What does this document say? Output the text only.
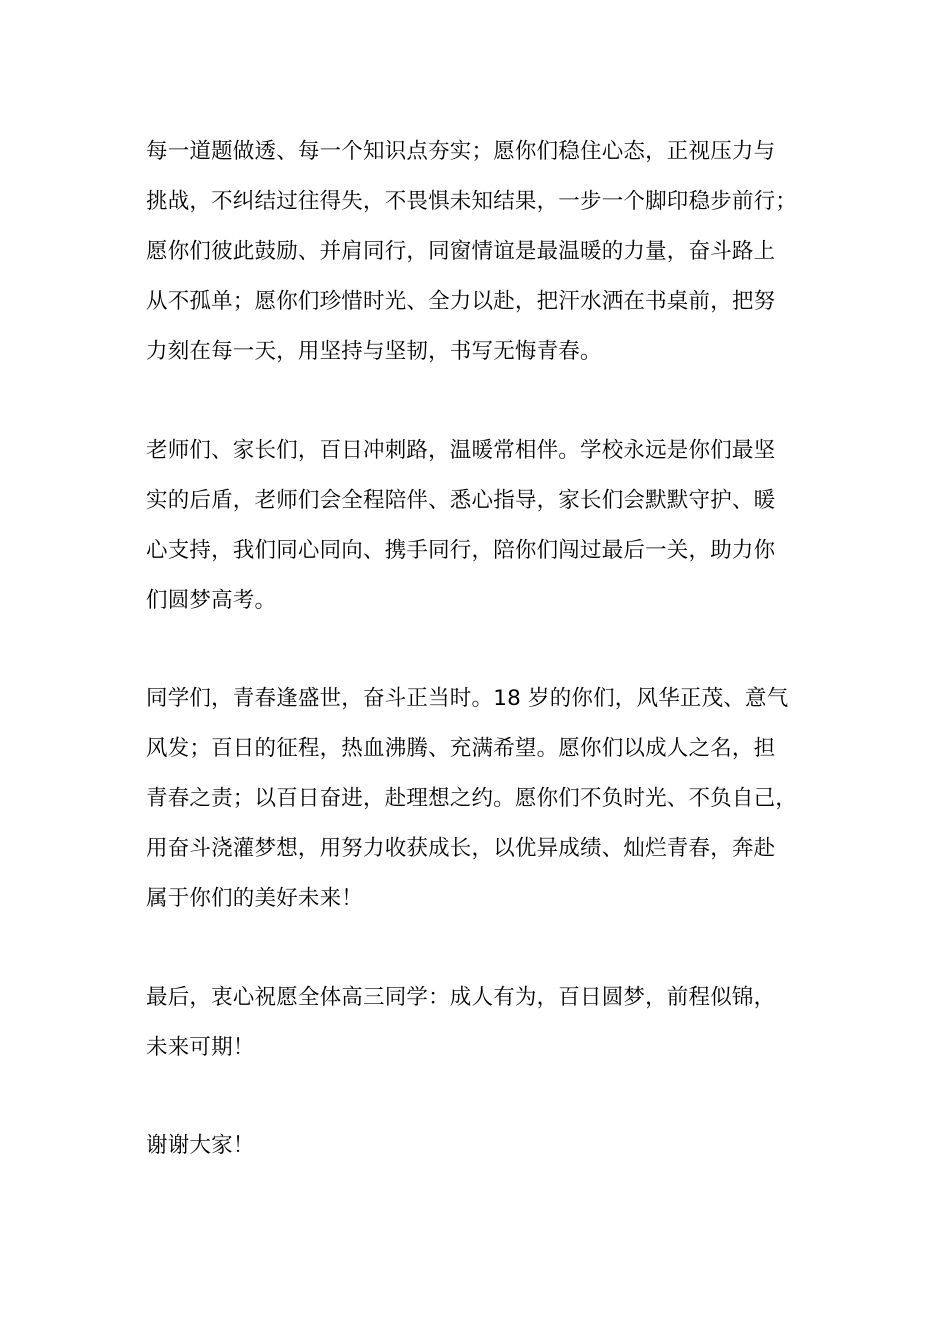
每一道题做透、每一个知识点夯实；愿你们稳住心态，正视压力与
挑战，不纠结过往得失，不畏惧未知结果，一步一个脚印稳步前行；
愿你们彼此鼓励、并肩同行，同窗情谊是最温暖的力量，奋斗路上
从不孤单；愿你们珍惜时光、全力以赴，把汗水洒在书桌前，把努
力刻在每一天，用坚持与坚韧，书写无悔青春。
老师们、家长们，百日冲刺路，温暖常相伴。学校永远是你们最坚
实的后盾，老师们会全程陪伴、悉心指导，家长们会默默守护、暖
心支持，我们同心同向、携手同行，陪你们闯过最后一关，助力你
们圆梦高考。
同学们，青春逢盛世，奋斗正当时。18 岁的你们，风华正茂、意气
风发；百日的征程，热血沸腾、充满希望。愿你们以成人之名，担
青春之责；以百日奋进，赴理想之约。愿你们不负时光、不负自己，
用奋斗浇灌梦想，用努力收获成长，以优异成绩、灿烂青春，奔赴
属于你们的美好未来！
最后，衷心祝愿全体高三同学：成人有为，百日圆梦，前程似锦，
未来可期！
谢谢大家！
